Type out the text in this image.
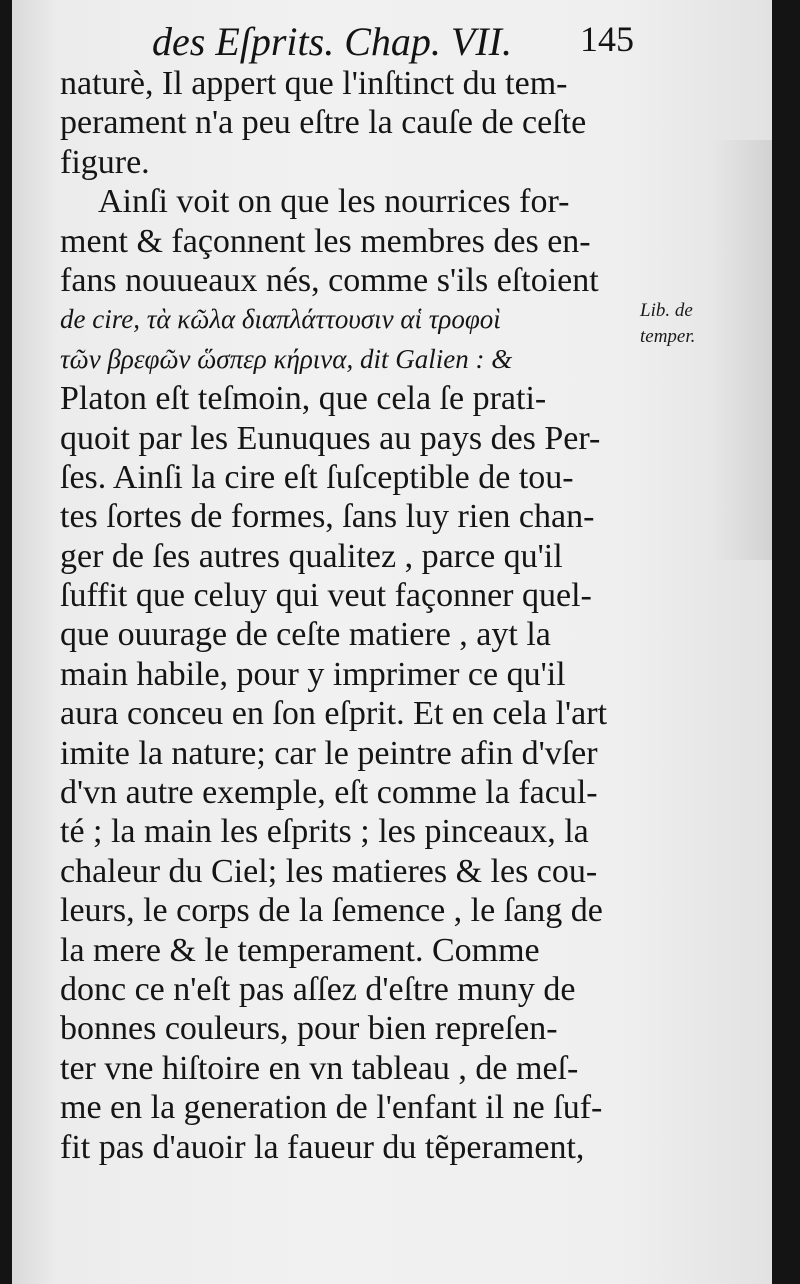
des Eſprits. Chap. VII. 145
naturè, Il appert que l'inſtinct du tem-
perament n'a peu eſtre la cauſe de ceſte
figure.
Ainſi voit on que les nourrices for-
ment & façonnent les membres des en-
fans nouueaux nés, comme s'ils eſtoient
de cire, τὰ κῶλα διαπλάττουσιν αἱ τροφοὶ
τῶν βρεφῶν ὥσπερ κήρινα, dit Galien : &
Platon eſt teſmoin, que cela ſe prati-
quoit par les Eunuques au pays des Per-
ſes. Ainſi la cire eſt ſuſceptible de tou-
tes ſortes de formes, ſans luy rien chan-
ger de ſes autres qualitez , parce qu'il
ſuffit que celuy qui veut façonner quel-
que ouurage de ceſte matiere , ayt la
main habile, pour y imprimer ce qu'il
aura conceu en ſon eſprit. Et en cela l'art
imite la nature; car le peintre afin d'vſer
d'vn autre exemple, eſt comme la facul-
té ; la main les eſprits ; les pinceaux, la
chaleur du Ciel; les matieres & les cou-
leurs, le corps de la ſemence , le ſang de
la mere & le temperament. Comme
donc ce n'eſt pas aſſez d'eſtre muny de
bonnes couleurs, pour bien repreſen-
ter vne hiſtoire en vn tableau , de meſ-
me en la generation de l'enfant il ne ſuf-
fit pas d'auoir la faueur du tẽperament,
Lib. de
temper.
